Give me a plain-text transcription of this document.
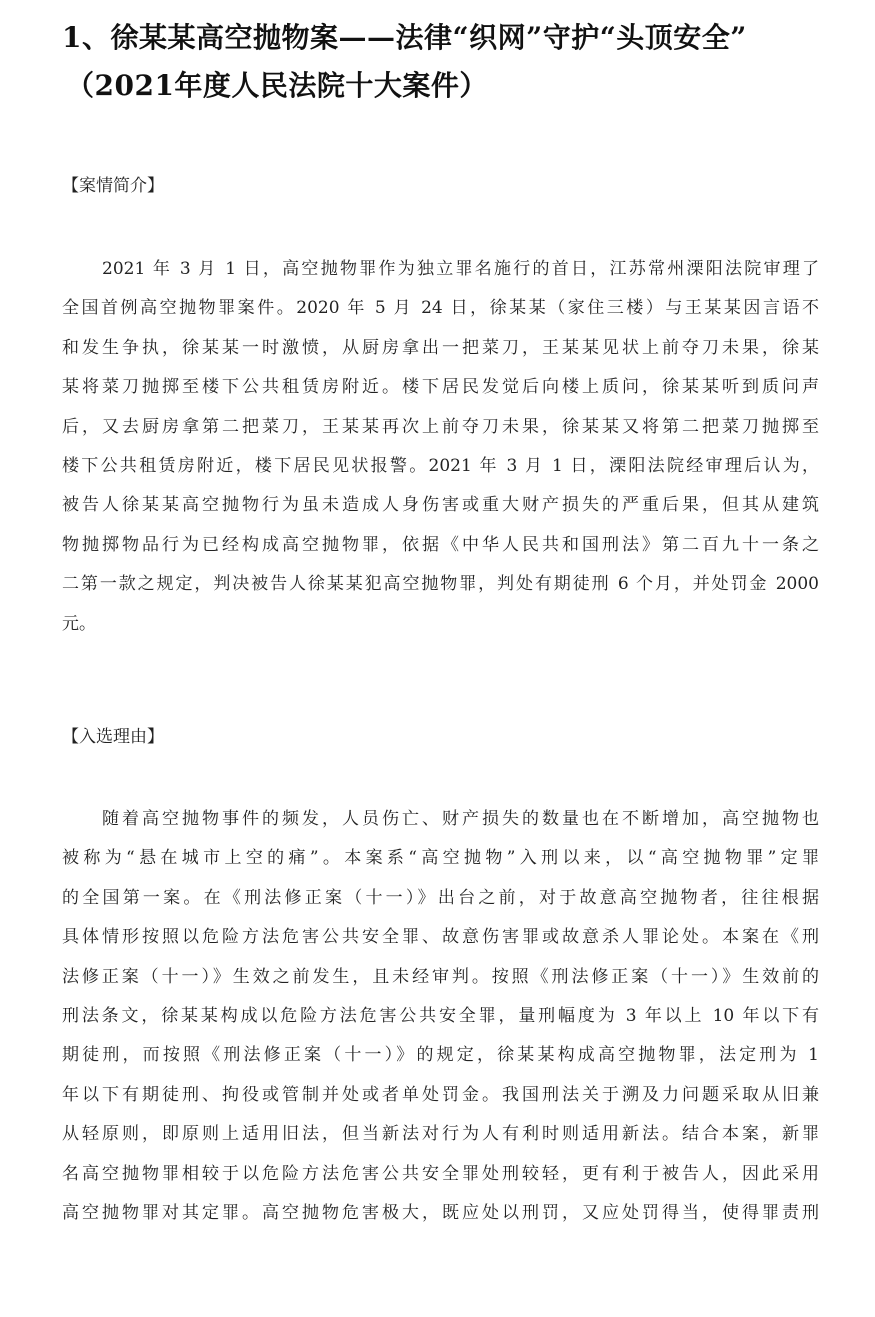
1、徐某某高空抛物案——法律“织网”守护“头顶安全”
（2021年度人民法院十大案件）
【案情简介】
2021 年 3 月 1 日，高空抛物罪作为独立罪名施行的首日，江苏常州溧阳法院审理了
全国首例高空抛物罪案件。2020 年 5 月 24 日，徐某某（家住三楼）与王某某因言语不
和发生争执，徐某某一时激愤，从厨房拿出一把菜刀，王某某见状上前夺刀未果，徐某
某将菜刀抛掷至楼下公共租赁房附近。楼下居民发觉后向楼上质问，徐某某听到质问声
后，又去厨房拿第二把菜刀，王某某再次上前夺刀未果，徐某某又将第二把菜刀抛掷至
楼下公共租赁房附近，楼下居民见状报警。2021 年 3 月 1 日，溧阳法院经审理后认为，
被告人徐某某高空抛物行为虽未造成人身伤害或重大财产损失的严重后果，但其从建筑
物抛掷物品行为已经构成高空抛物罪，依据《中华人民共和国刑法》第二百九十一条之
二第一款之规定，判决被告人徐某某犯高空抛物罪，判处有期徒刑 6 个月，并处罚金 2000
元。
【入选理由】
随着高空抛物事件的频发，人员伤亡、财产损失的数量也在不断增加，高空抛物也
被称为“悬在城市上空的痛”。本案系“高空抛物”入刑以来，以“高空抛物罪”定罪
的全国第一案。在《刑法修正案（十一）》出台之前，对于故意高空抛物者，往往根据
具体情形按照以危险方法危害公共安全罪、故意伤害罪或故意杀人罪论处。本案在《刑
法修正案（十一）》生效之前发生，且未经审判。按照《刑法修正案（十一）》生效前的
刑法条文，徐某某构成以危险方法危害公共安全罪，量刑幅度为 3 年以上 10 年以下有
期徒刑，而按照《刑法修正案（十一）》的规定，徐某某构成高空抛物罪，法定刑为 1
年以下有期徒刑、拘役或管制并处或者单处罚金。我国刑法关于溯及力问题采取从旧兼
从轻原则，即原则上适用旧法，但当新法对行为人有利时则适用新法。结合本案，新罪
名高空抛物罪相较于以危险方法危害公共安全罪处刑较轻，更有利于被告人，因此采用
高空抛物罪对其定罪。高空抛物危害极大，既应处以刑罚，又应处罚得当，使得罪责刑
